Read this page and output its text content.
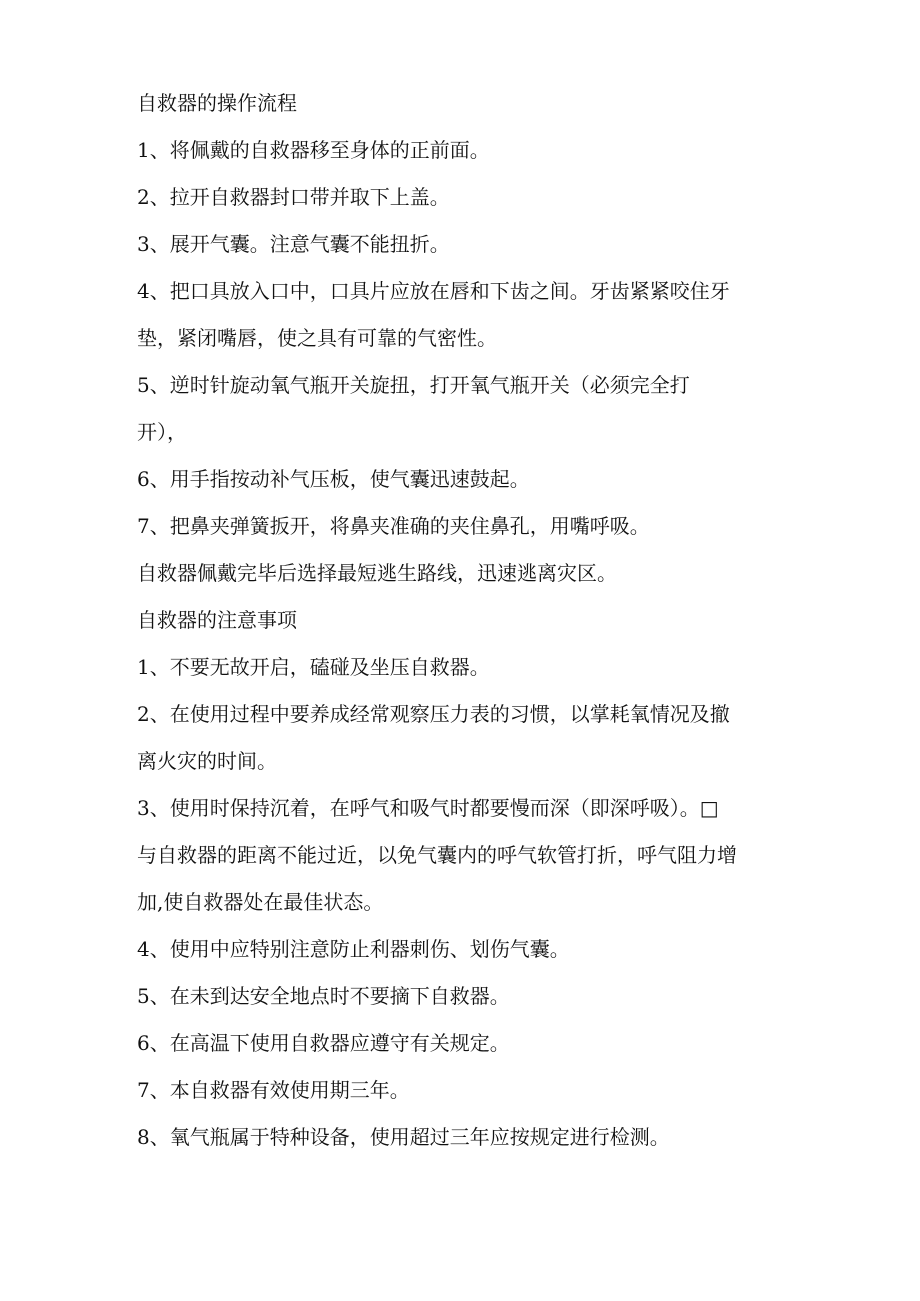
自救器的操作流程

1、将佩戴的自救器移至身体的正前面。

2、拉开自救器封口带并取下上盖。

3、展开气囊。注意气囊不能扭折。

4、把口具放入口中，口具片应放在唇和下齿之间。牙齿紧紧咬住牙

垫，紧闭嘴唇，使之具有可靠的气密性。

5、逆时针旋动氧气瓶开关旋扭，打开氧气瓶开关（必须完全打

开），

6、用手指按动补气压板，使气囊迅速鼓起。

7、把鼻夹弹簧扳开，将鼻夹准确的夹住鼻孔，用嘴呼吸。

自救器佩戴完毕后选择最短逃生路线，迅速逃离灾区。

自救器的注意事项

1、不要无故开启，磕碰及坐压自救器。

2、在使用过程中要养成经常观察压力表的习惯，以掌耗氧情况及撤

离火灾的时间。

3、使用时保持沉着，在呼气和吸气时都要慢而深（即深呼吸）。□

与自救器的距离不能过近，以免气囊内的呼气软管打折，呼气阻力增

加,使自救器处在最佳状态。

4、使用中应特别注意防止利器刺伤、划伤气囊。

5、在未到达安全地点时不要摘下自救器。

6、在高温下使用自救器应遵守有关规定。

7、本自救器有效使用期三年。

8、氧气瓶属于特种设备，使用超过三年应按规定进行检测。
